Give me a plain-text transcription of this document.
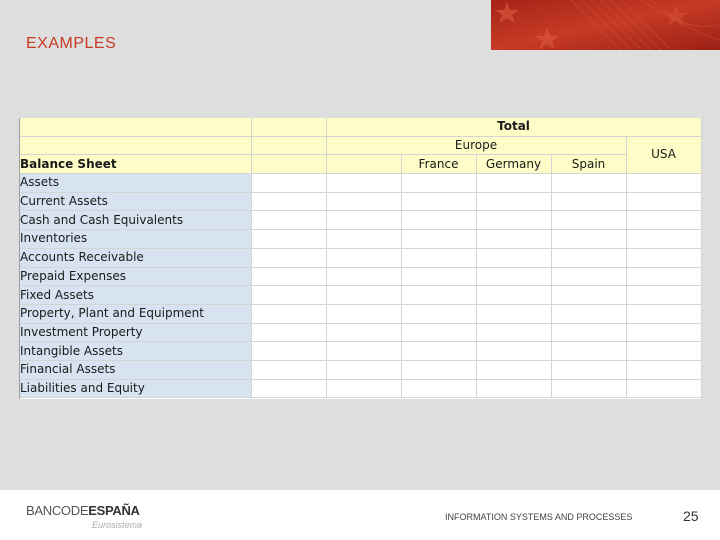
EXAMPLES
		Total				
		Europe				USA
Balance Sheet			France	Germany	Spain	
Assets						
Current Assets						
Cash and Cash Equivalents						
Inventories						
Accounts Receivable						
Prepaid Expenses						
Fixed Assets						
Property, Plant and Equipment						
Investment Property						
Intangible Assets						
Financial Assets						
Liabilities and Equity						
BANCODEESPAÑA
Eurosistema
INFORMATION SYSTEMS AND PROCESSES	25
